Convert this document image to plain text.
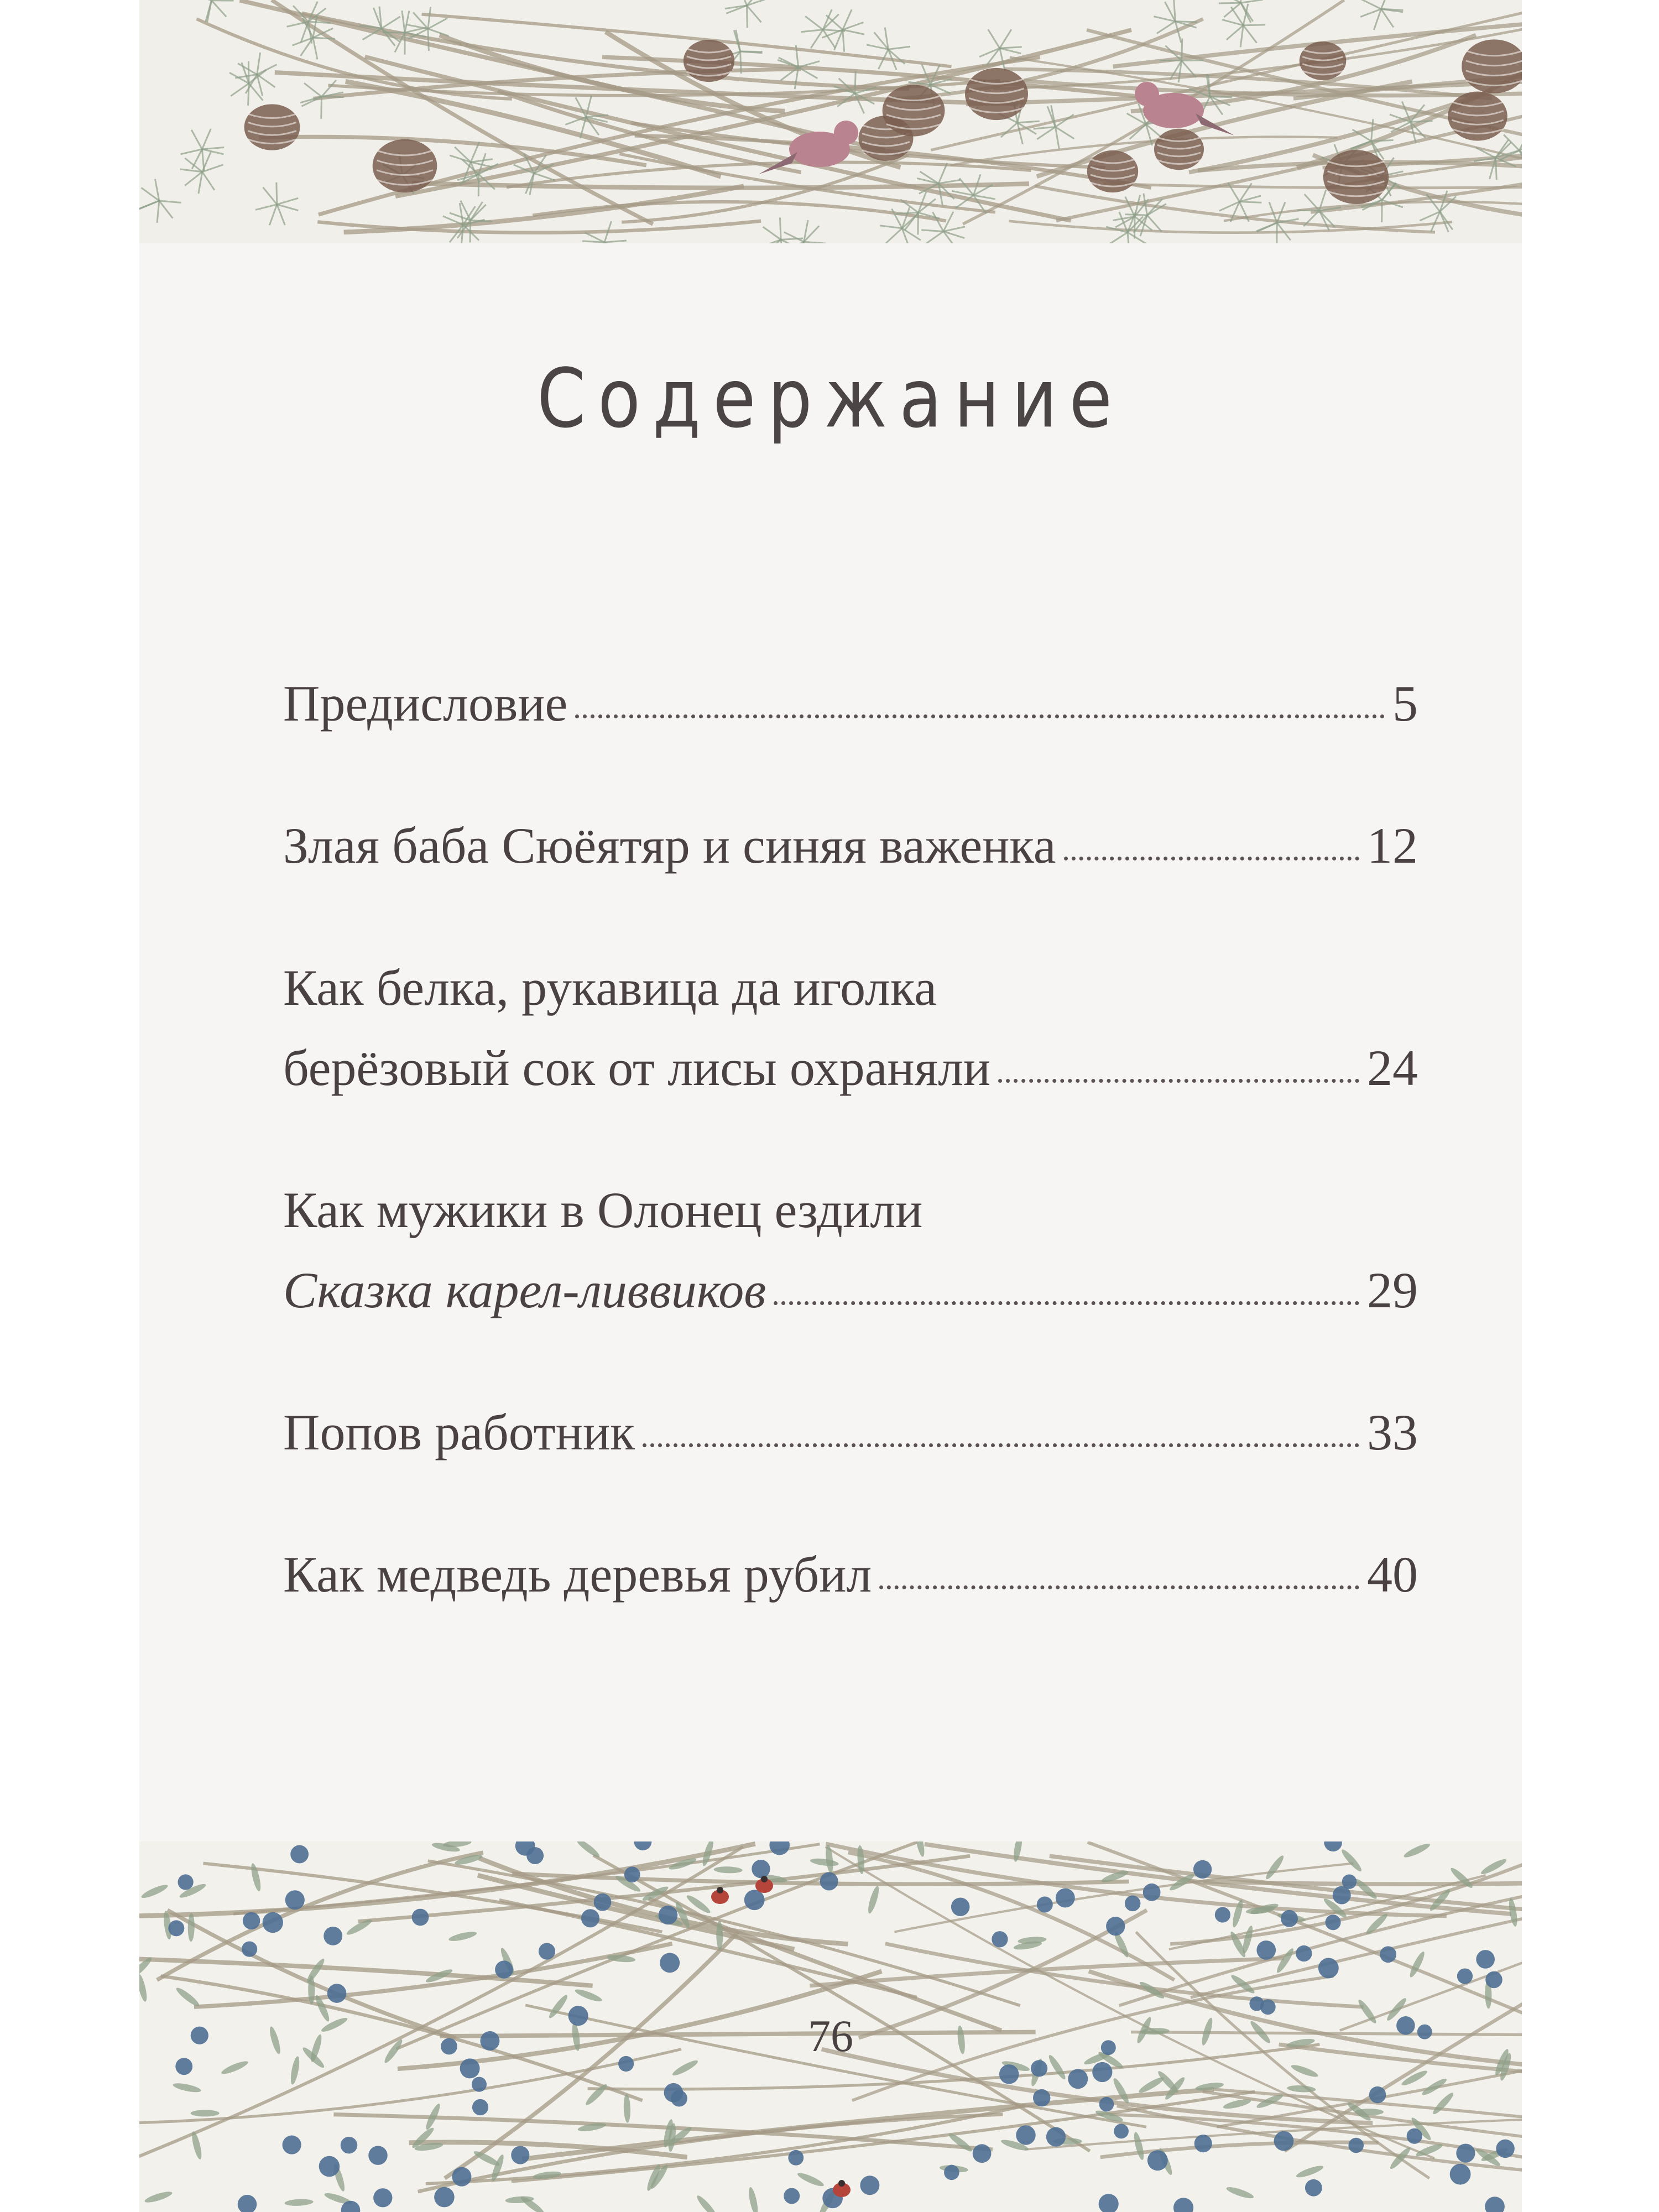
Содержание
Предисловие	5
Злая баба Сюёятяр и синяя важенка	12
Как белка, рукавица да иголка
берёзовый сок от лисы охраняли	24
Как мужики в Олонец ездили
Сказка карел-ливвиков	29
Попов работник	33
Как медведь деревья рубил	40
76
